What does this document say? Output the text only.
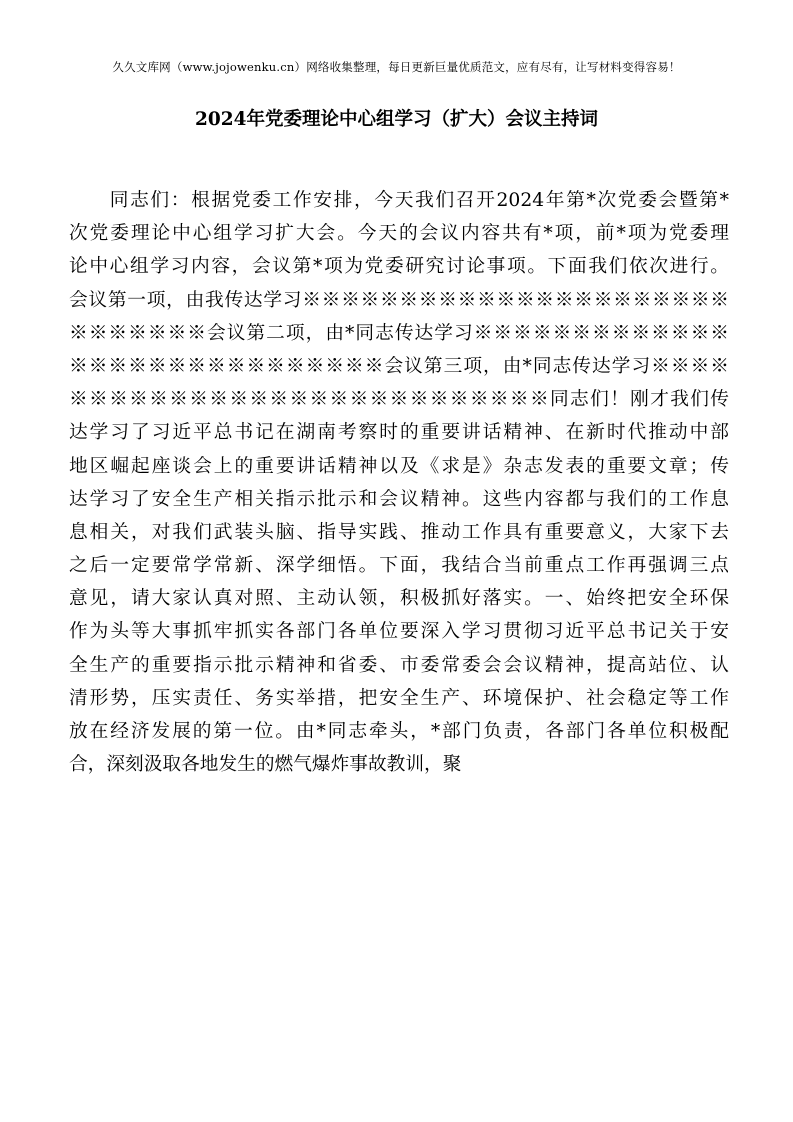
久久文库网（www.jojowenku.cn）网络收集整理，每日更新巨量优质范文，应有尽有，让写材料变得容易！
2024年党委理论中心组学习（扩大）会议主持词
　　同志们：根据党委工作安排，今天我们召开2024年第*次党委会暨第*
次党委理论中心组学习扩大会。今天的会议内容共有*项，前*项为党委理
论中心组学习内容，会议第*项为党委研究讨论事项。下面我们依次进行。
会议第一项，由我传达学习※※※※※※※※※※※※※※※※※※※※※※
※※※※※※※会议第二项，由*同志传达学习※※※※※※※※※※※※※
※※※※※※※※※※※※※※※※会议第三项，由*同志传达学习※※※※
※※※※※※※※※※※※※※※※※※※※※※※※同志们！刚才我们传
达学习了习近平总书记在湖南考察时的重要讲话精神、在新时代推动中部
地区崛起座谈会上的重要讲话精神以及《求是》杂志发表的重要文章；传
达学习了安全生产相关指示批示和会议精神。这些内容都与我们的工作息
息相关，对我们武装头脑、指导实践、推动工作具有重要意义，大家下去
之后一定要常学常新、深学细悟。下面，我结合当前重点工作再强调三点
意见，请大家认真对照、主动认领，积极抓好落实。一、始终把安全环保
作为头等大事抓牢抓实各部门各单位要深入学习贯彻习近平总书记关于安
全生产的重要指示批示精神和省委、市委常委会会议精神，提高站位、认
清形势，压实责任、务实举措，把安全生产、环境保护、社会稳定等工作
放在经济发展的第一位。由*同志牵头，*部门负责，各部门各单位积极配
合，深刻汲取各地发生的燃气爆炸事故教训，聚
